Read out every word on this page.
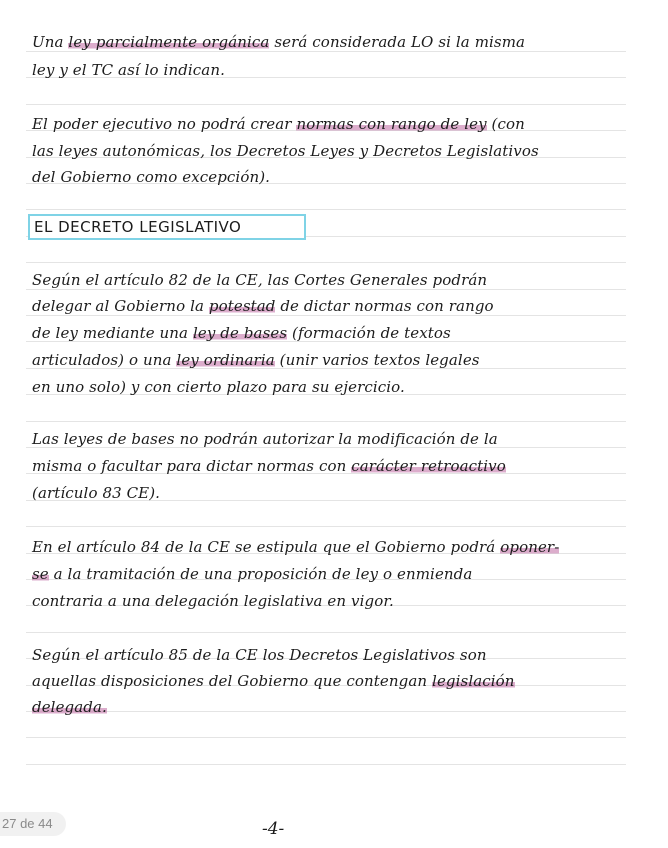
EL DECRETO LEGISLATIVO
27 de 44	-4-
Una ley parcialmente orgánica será considerada LO si la misma
ley y el TC así lo indican.
El poder ejecutivo no podrá crear normas con rango de ley (con
las leyes autonómicas, los Decretos Leyes y Decretos Legislativos
del Gobierno como excepción).
Según el artículo 82 de la CE, las Cortes Generales podrán
delegar al Gobierno la potestad de dictar normas con rango
de ley mediante una ley de bases (formación de textos
articulados) o una ley ordinaria (unir varios textos legales
en uno solo) y con cierto plazo para su ejercicio.
Las leyes de bases no podrán autorizar la modificación de la
misma o facultar para dictar normas con carácter retroactivo
(artículo 83 CE).
En el artículo 84 de la CE se estipula que el Gobierno podrá oponer-
se a la tramitación de una proposición de ley o enmienda
contraria a una delegación legislativa en vigor.
Según el artículo 85 de la CE los Decretos Legislativos son
aquellas disposiciones del Gobierno que contengan legislación
delegada.
